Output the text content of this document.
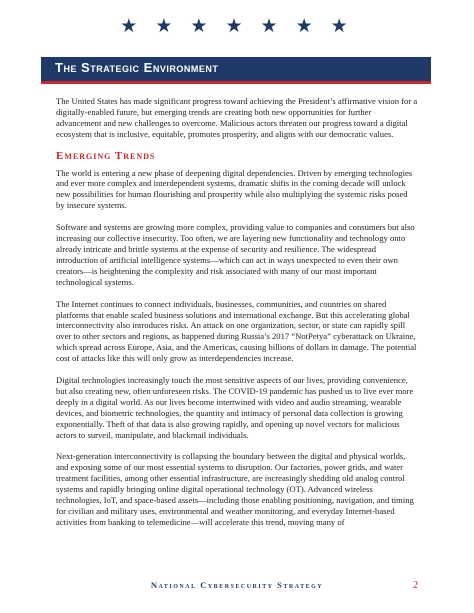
★ ★ ★ ★ ★ ★ ★
The Strategic Environment

The United States has made significant progress toward achieving the President’s affirmative vision for a digitally-enabled future, but emerging trends are creating both new opportunities for further advancement and new challenges to overcome. Malicious actors threaten our progress toward a digital ecosystem that is inclusive, equitable, promotes prosperity, and aligns with our democratic values.

Emerging Trends

The world is entering a new phase of deepening digital dependencies. Driven by emerging technologies and ever more complex and interdependent systems, dramatic shifts in the coming decade will unlock new possibilities for human flourishing and prosperity while also multiplying the systemic risks posed by insecure systems.

Software and systems are growing more complex, providing value to companies and consumers but also increasing our collective insecurity. Too often, we are layering new functionality and technology onto already intricate and brittle systems at the expense of security and resilience. The widespread introduction of artificial intelligence systems—which can act in ways unexpected to even their own creators—is heightening the complexity and risk associated with many of our most important technological systems.

The Internet continues to connect individuals, businesses, communities, and countries on shared platforms that enable scaled business solutions and international exchange. But this accelerating global interconnectivity also introduces risks. An attack on one organization, sector, or state can rapidly spill over to other sectors and regions, as happened during Russia’s 2017 “NotPetya” cyberattack on Ukraine, which spread across Europe, Asia, and the Americas, causing billions of dollars in damage. The potential cost of attacks like this will only grow as interdependencies increase.

Digital technologies increasingly touch the most sensitive aspects of our lives, providing convenience, but also creating new, often unforeseen risks. The COVID-19 pandemic has pushed us to live ever more deeply in a digital world. As our lives become intertwined with video and audio streaming, wearable devices, and biometric technologies, the quantity and intimacy of personal data collection is growing exponentially. Theft of that data is also growing rapidly, and opening up novel vectors for malicious actors to surveil, manipulate, and blackmail individuals.

Next-generation interconnectivity is collapsing the boundary between the digital and physical worlds, and exposing some of our most essential systems to disruption. Our factories, power grids, and water treatment facilities, among other essential infrastructure, are increasingly shedding old analog control systems and rapidly bringing online digital operational technology (OT). Advanced wireless technologies, IoT, and space-based assets—including those enabling positioning, navigation, and timing for civilian and military uses, environmental and weather monitoring, and everyday Internet-based activities from banking to telemedicine—will accelerate this trend, moving many of

National Cybersecurity Strategy	2
